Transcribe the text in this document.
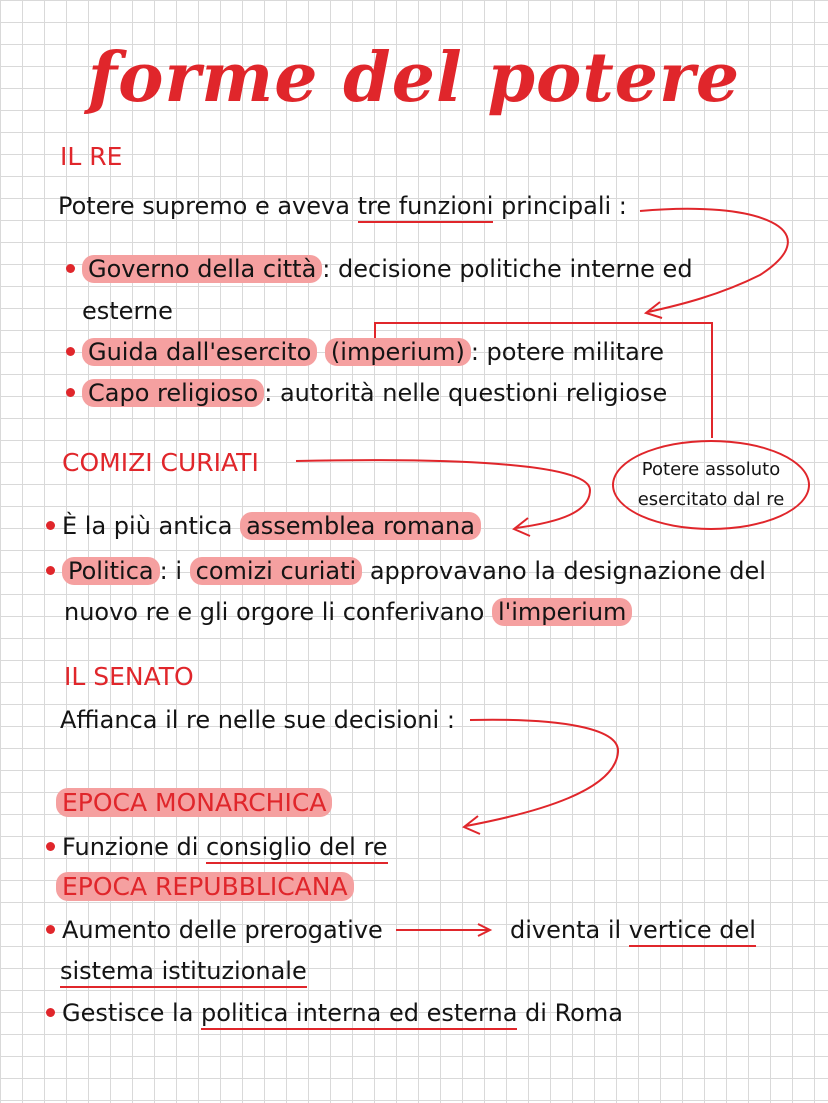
forme del potere
IL RE
Potere supremo e aveva tre funzioni principali :
Governo della città : decisione politiche interne ed
esterne
Guida dall'esercito (imperium) : potere militare
Capo religioso : autorità nelle questioni religiose
Potere assoluto
esercitato dal re
COMIZI CURIATI
È la più antica assemblea romana
Politica : i comizi curiati approvavano la designazione del
nuovo re e gli orgore li conferivano l'imperium
IL SENATO
Affianca il re nelle sue decisioni :
EPOCA MONARCHICA
Funzione di consiglio del re
EPOCA REPUBBLICANA
Aumento delle prerogative	diventa il vertice del
sistema istituzionale
Gestisce la politica interna ed esterna di Roma
